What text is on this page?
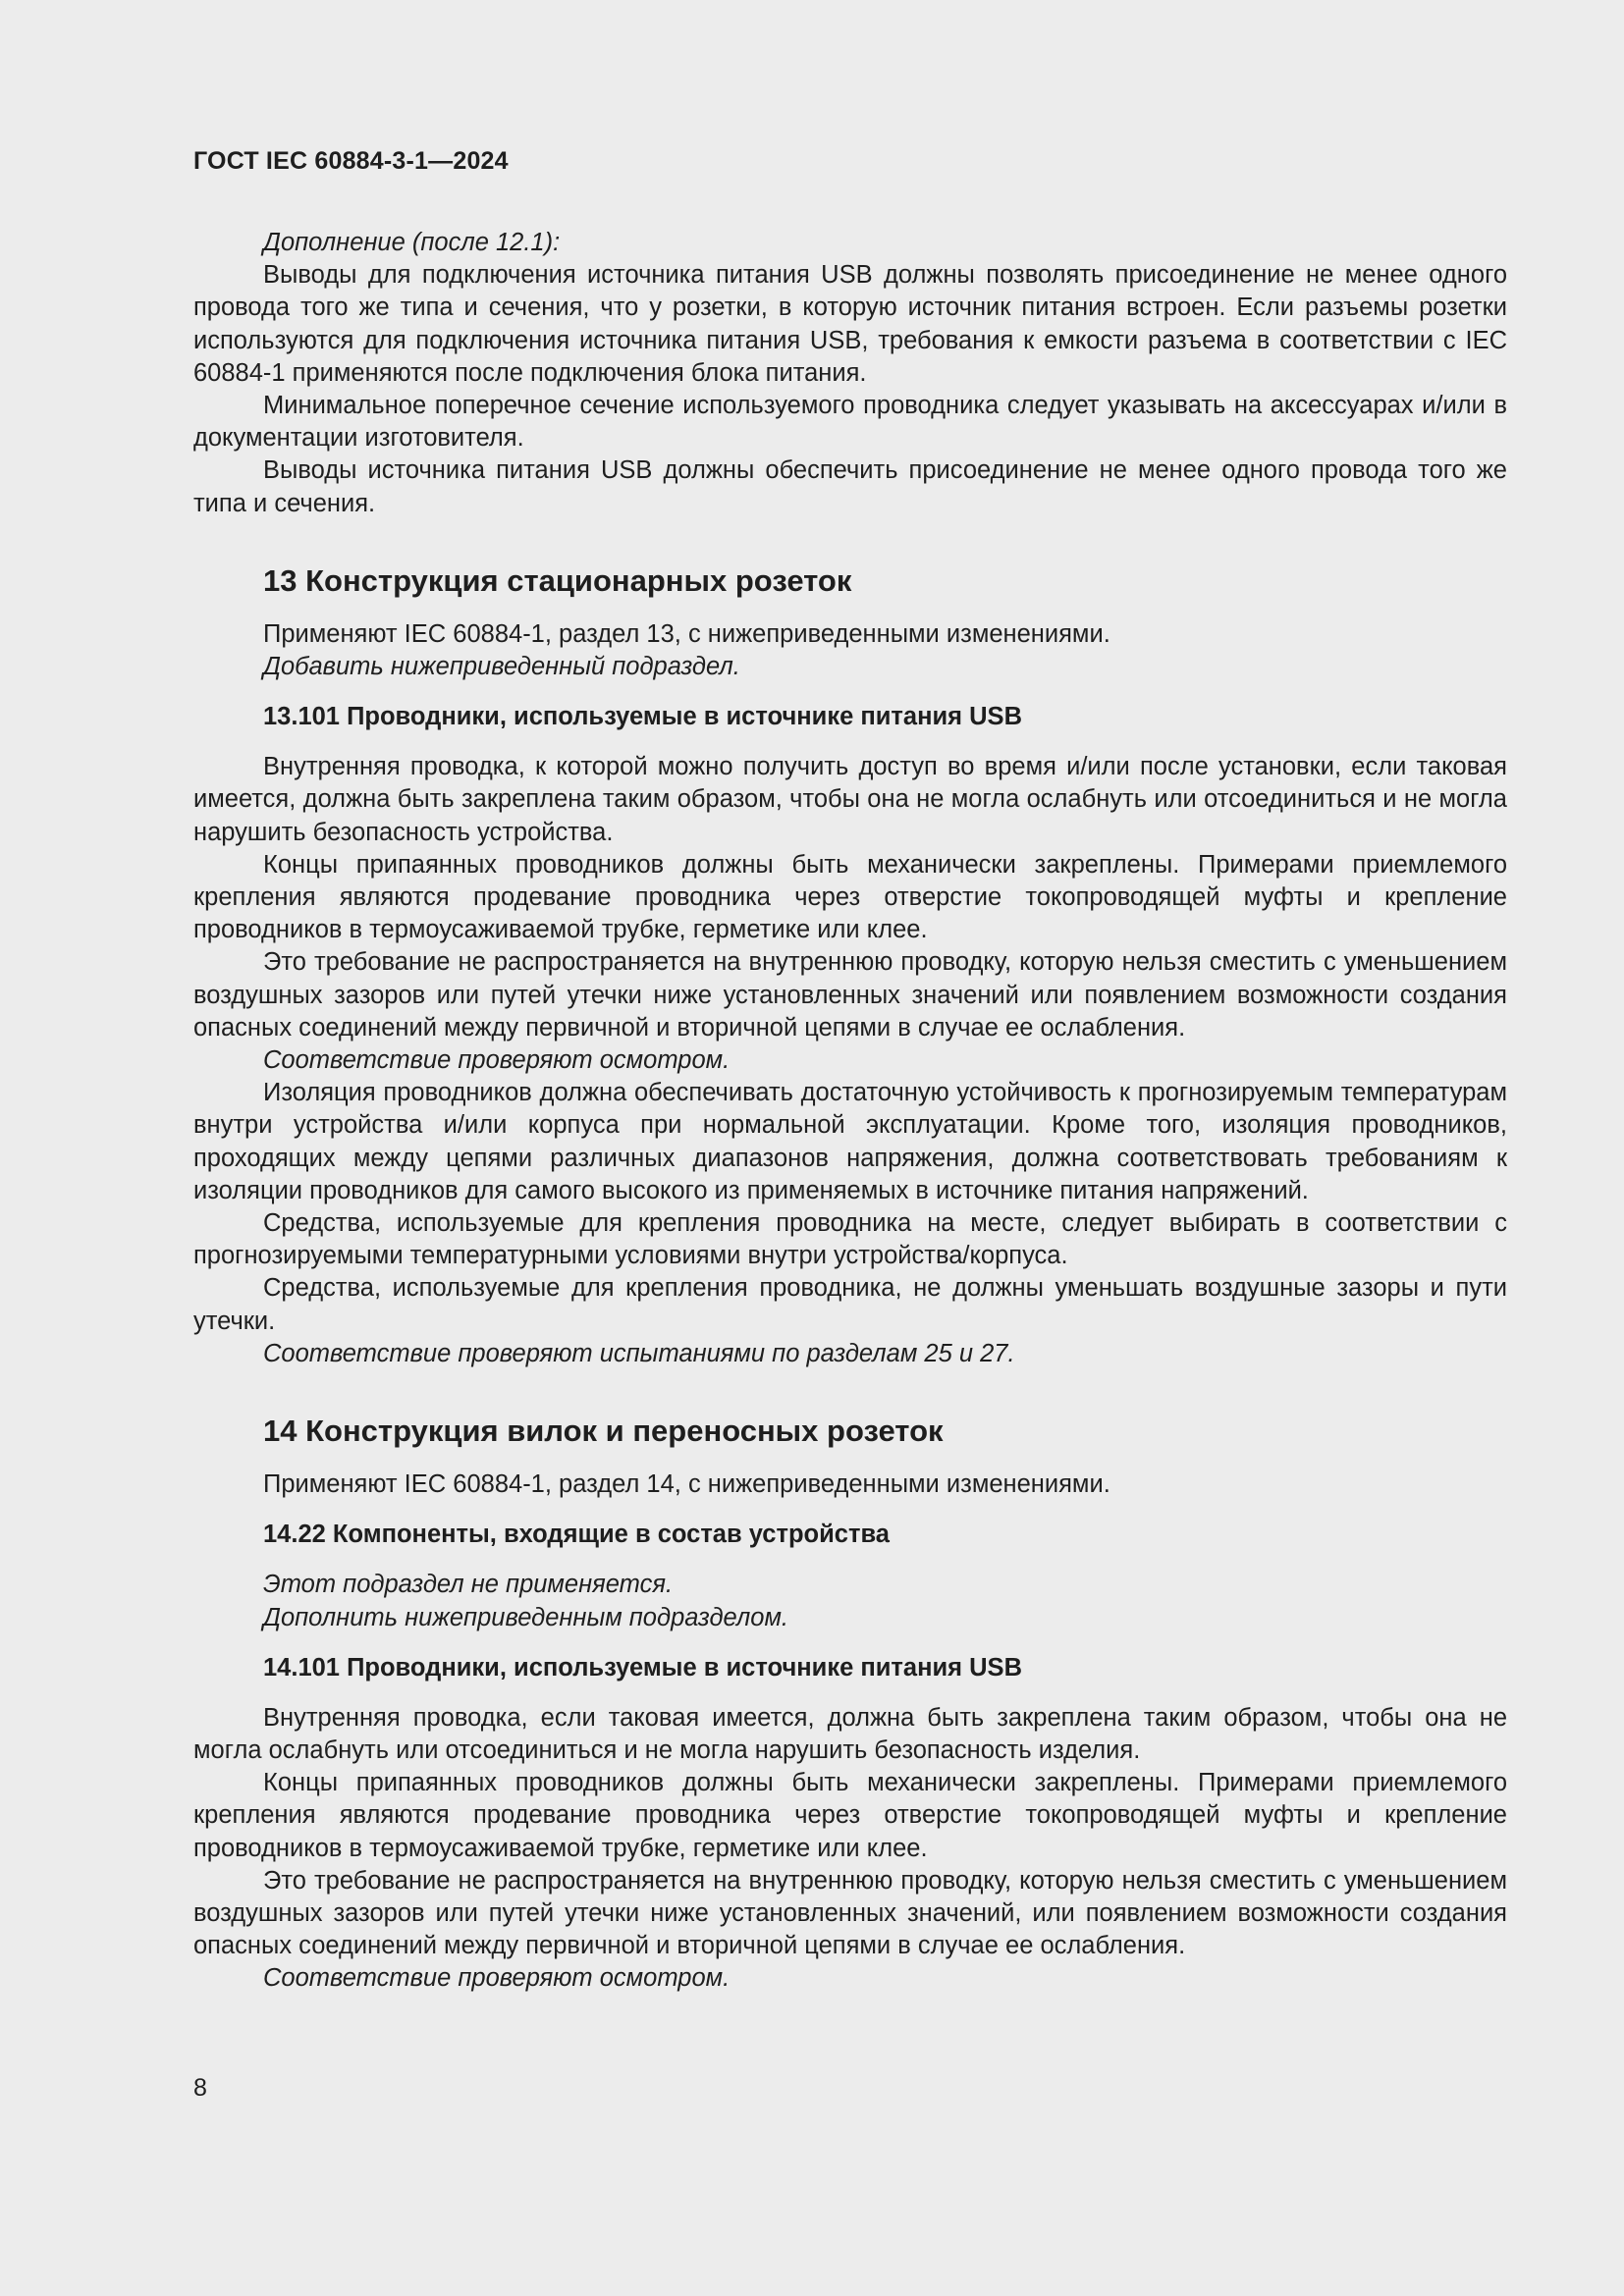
ГОСТ IEC 60884-3-1—2024

Дополнение (после 12.1):

Выводы для подключения источника питания USB должны позволять присоединение не менее одного провода того же типа и сечения, что у розетки, в которую источник питания встроен. Если разъемы розетки используются для подключения источника питания USB, требования к емкости разъема в соответствии с IEC 60884-1 применяются после подключения блока питания.

Минимальное поперечное сечение используемого проводника следует указывать на аксессуарах и/или в документации изготовителя.

Выводы источника питания USB должны обеспечить присоединение не менее одного провода того же типа и сечения.

13 Конструкция стационарных розеток

Применяют IEC 60884-1, раздел 13, с нижеприведенными изменениями.

Добавить нижеприведенный подраздел.

13.101 Проводники, используемые в источнике питания USB

Внутренняя проводка, к которой можно получить доступ во время и/или после установки, если таковая имеется, должна быть закреплена таким образом, чтобы она не могла ослабнуть или отсоединиться и не могла нарушить безопасность устройства.

Концы припаянных проводников должны быть механически закреплены. Примерами приемлемого крепления являются продевание проводника через отверстие токопроводящей муфты и крепление проводников в термоусаживаемой трубке, герметике или клее.

Это требование не распространяется на внутреннюю проводку, которую нельзя сместить с уменьшением воздушных зазоров или путей утечки ниже установленных значений или появлением возможности создания опасных соединений между первичной и вторичной цепями в случае ее ослабления.

Соответствие проверяют осмотром.

Изоляция проводников должна обеспечивать достаточную устойчивость к прогнозируемым температурам внутри устройства и/или корпуса при нормальной эксплуатации. Кроме того, изоляция проводников, проходящих между цепями различных диапазонов напряжения, должна соответствовать требованиям к изоляции проводников для самого высокого из применяемых в источнике питания напряжений.

Средства, используемые для крепления проводника на месте, следует выбирать в соответствии с прогнозируемыми температурными условиями внутри устройства/корпуса.

Средства, используемые для крепления проводника, не должны уменьшать воздушные зазоры и пути утечки.

Соответствие проверяют испытаниями по разделам 25 и 27.

14 Конструкция вилок и переносных розеток

Применяют IEC 60884-1, раздел 14, с нижеприведенными изменениями.

14.22 Компоненты, входящие в состав устройства

Этот подраздел не применяется.

Дополнить нижеприведенным подразделом.

14.101 Проводники, используемые в источнике питания USB

Внутренняя проводка, если таковая имеется, должна быть закреплена таким образом, чтобы она не могла ослабнуть или отсоединиться и не могла нарушить безопасность изделия.

Концы припаянных проводников должны быть механически закреплены. Примерами приемлемого крепления являются продевание проводника через отверстие токопроводящей муфты и крепление проводников в термоусаживаемой трубке, герметике или клее.

Это требование не распространяется на внутреннюю проводку, которую нельзя сместить с уменьшением воздушных зазоров или путей утечки ниже установленных значений, или появлением возможности создания опасных соединений между первичной и вторичной цепями в случае ее ослабления.

Соответствие проверяют осмотром.

8
